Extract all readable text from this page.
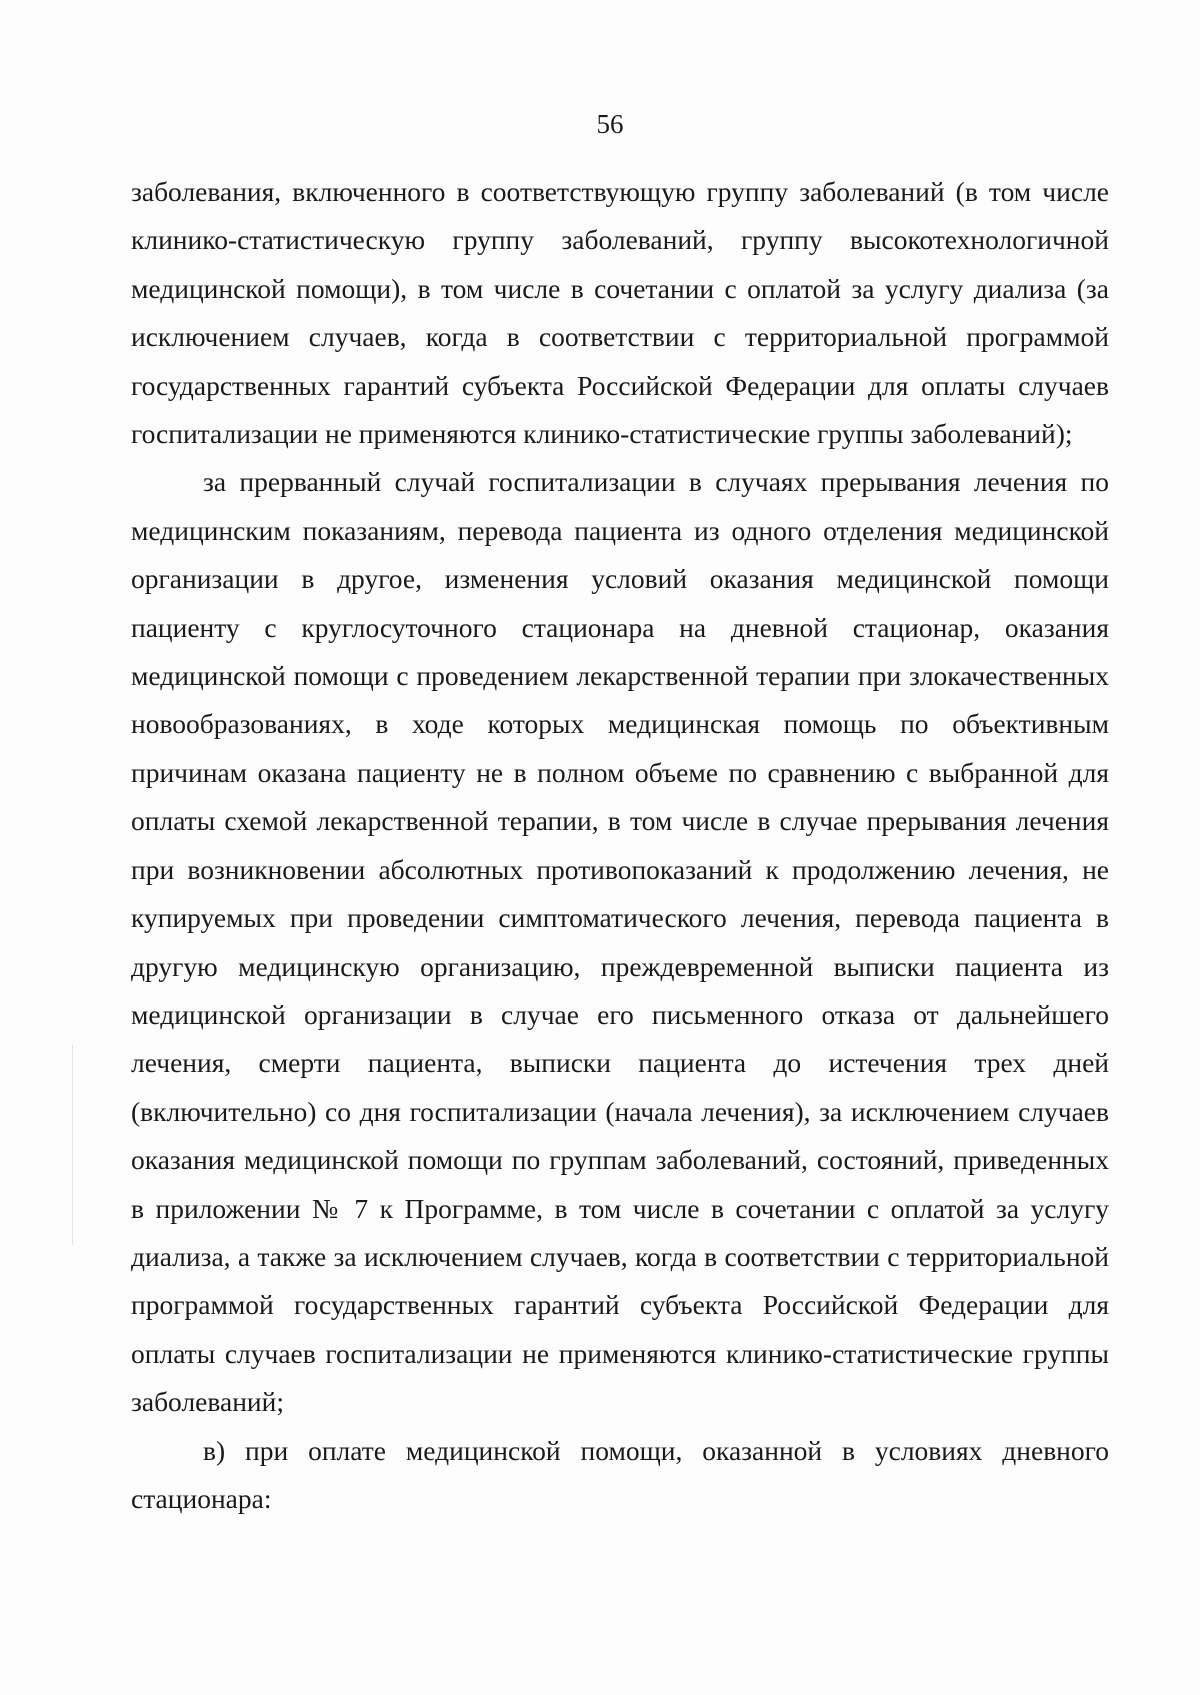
56

заболевания, включенного в соответствующую группу заболеваний (в том числе клинико-статистическую группу заболеваний, группу высокотехнологичной медицинской помощи), в том числе в сочетании с оплатой за услугу диализа (за исключением случаев, когда в соответствии с территориальной программой государственных гарантий субъекта Российской Федерации для оплаты случаев госпитализации не применяются клинико-статистические группы заболеваний);

за прерванный случай госпитализации в случаях прерывания лечения по медицинским показаниям, перевода пациента из одного отделения медицинской организации в другое, изменения условий оказания медицинской помощи пациенту с круглосуточного стационара на дневной стационар, оказания медицинской помощи с проведением лекарственной терапии при злокачественных новообразованиях, в ходе которых медицинская помощь по объективным причинам оказана пациенту не в полном объеме по сравнению с выбранной для оплаты схемой лекарственной терапии, в том числе в случае прерывания лечения при возникновении абсолютных противопоказаний к продолжению лечения, не купируемых при проведении симптоматического лечения, перевода пациента в другую медицинскую организацию, преждевременной выписки пациента из медицинской организации в случае его письменного отказа от дальнейшего лечения, смерти пациента, выписки пациента до истечения трех дней (включительно) со дня госпитализации (начала лечения), за исключением случаев оказания медицинской помощи по группам заболеваний, состояний, приведенных в приложении № 7 к Программе, в том числе в сочетании с оплатой за услугу диализа, а также за исключением случаев, когда в соответствии с территориальной программой государственных гарантий субъекта Российской Федерации для оплаты случаев госпитализации не применяются клинико-статистические группы заболеваний;

в) при оплате медицинской помощи, оказанной в условиях дневного стационара:
